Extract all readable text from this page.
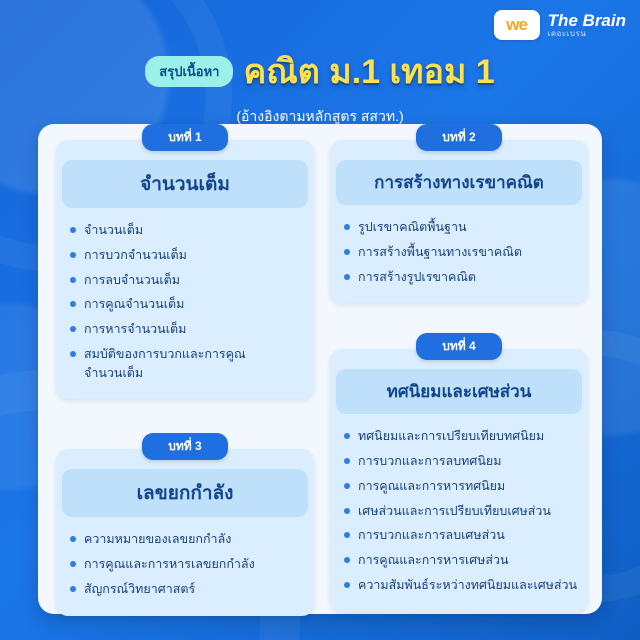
we The Brain
เดอะเบรน
สรุปเนื้อหา คณิต ม.1 เทอม 1
(อ้างอิงตามหลักสูตร สสวท.)
บทที่ 1
จำนวนเต็ม
จำนวนเต็ม
การบวกจำนวนเต็ม
การลบจำนวนเต็ม
การคูณจำนวนเต็ม
การหารจำนวนเต็ม
สมบัติของการบวกและการคูณจำนวนเต็ม
บทที่ 3
เลขยกกำลัง
ความหมายของเลขยกกำลัง
การคูณและการหารเลขยกกำลัง
สัญกรณ์วิทยาศาสตร์
บทที่ 2
การสร้างทางเรขาคณิต
รูปเรขาคณิตพื้นฐาน
การสร้างพื้นฐานทางเรขาคณิต
การสร้างรูปเรขาคณิต
บทที่ 4
ทศนิยมและเศษส่วน
ทศนิยมและการเปรียบเทียบทศนิยม
การบวกและการลบทศนิยม
การคูณและการหารทศนิยม
เศษส่วนและการเปรียบเทียบเศษส่วน
การบวกและการลบเศษส่วน
การคูณและการหารเศษส่วน
ความสัมพันธ์ระหว่างทศนิยมและเศษส่วน
